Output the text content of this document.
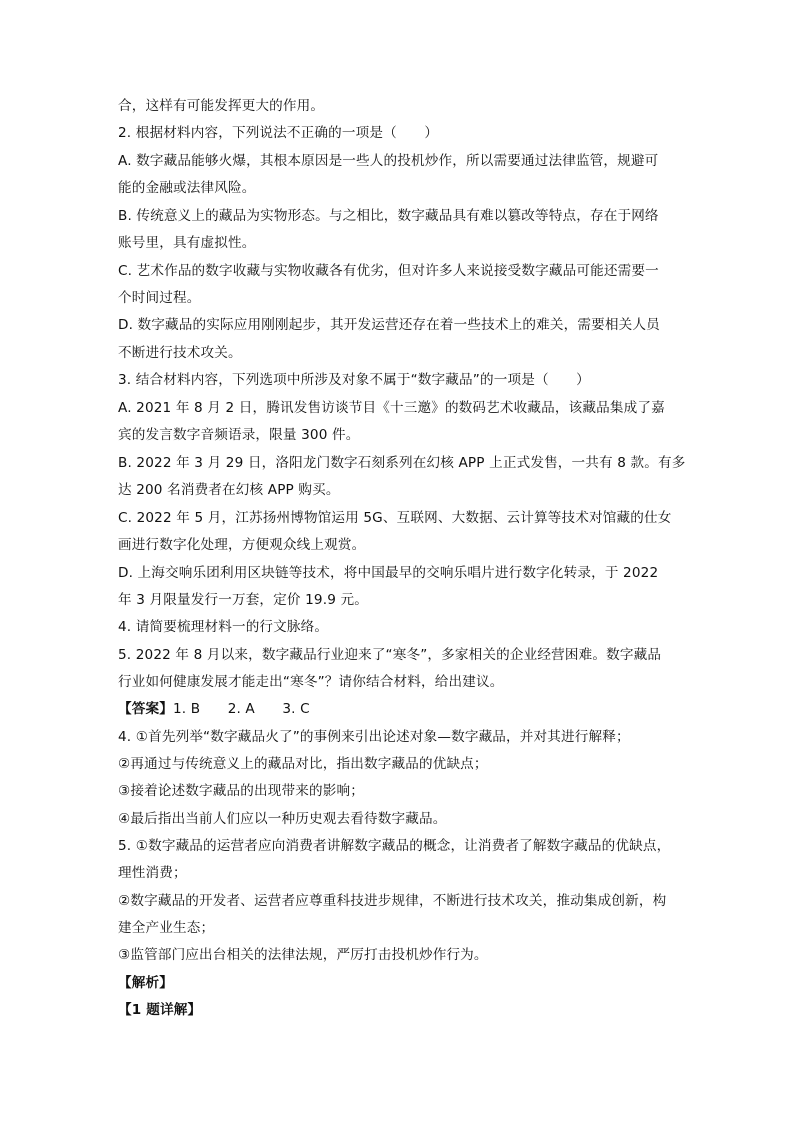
合，这样有可能发挥更大的作用。
2. 根据材料内容，下列说法不正确的一项是（　　）
A. 数字藏品能够火爆，其根本原因是一些人的投机炒作，所以需要通过法律监管，规避可
能的金融或法律风险。
B. 传统意义上的藏品为实物形态。与之相比，数字藏品具有难以篡改等特点，存在于网络
账号里，具有虚拟性。
C. 艺术作品的数字收藏与实物收藏各有优劣，但对许多人来说接受数字藏品可能还需要一
个时间过程。
D. 数字藏品的实际应用刚刚起步，其开发运营还存在着一些技术上的难关，需要相关人员
不断进行技术攻关。
3. 结合材料内容，下列选项中所涉及对象不属于“数字藏品”的一项是（　　）
A. 2021 年 8 月 2 日，腾讯发售访谈节目《十三邀》的数码艺术收藏品，该藏品集成了嘉
宾的发言数字音频语录，限量 300 件。
B. 2022 年 3 月 29 日，洛阳龙门数字石刻系列在幻核 APP 上正式发售，一共有 8 款。有多
达 200 名消费者在幻核 APP 购买。
C. 2022 年 5 月，江苏扬州博物馆运用 5G、互联网、大数据、云计算等技术对馆藏的仕女
画进行数字化处理，方便观众线上观赏。
D. 上海交响乐团利用区块链等技术，将中国最早的交响乐唱片进行数字化转录，于 2022
年 3 月限量发行一万套，定价 19.9 元。
4. 请简要梳理材料一的行文脉络。
5. 2022 年 8 月以来，数字藏品行业迎来了“寒冬”，多家相关的企业经营困难。数字藏品
行业如何健康发展才能走出“寒冬”？请你结合材料，给出建议。
【答案】1. B　　2. A　　3. C
4. ①首先列举“数字藏品火了”的事例来引出论述对象—数字藏品，并对其进行解释；
②再通过与传统意义上的藏品对比，指出数字藏品的优缺点；
③接着论述数字藏品的出现带来的影响；
④最后指出当前人们应以一种历史观去看待数字藏品。
5. ①数字藏品的运营者应向消费者讲解数字藏品的概念，让消费者了解数字藏品的优缺点，
理性消费；
②数字藏品的开发者、运营者应尊重科技进步规律，不断进行技术攻关，推动集成创新，构
建全产业生态；
③监管部门应出台相关的法律法规，严厉打击投机炒作行为。
【解析】
【1 题详解】
